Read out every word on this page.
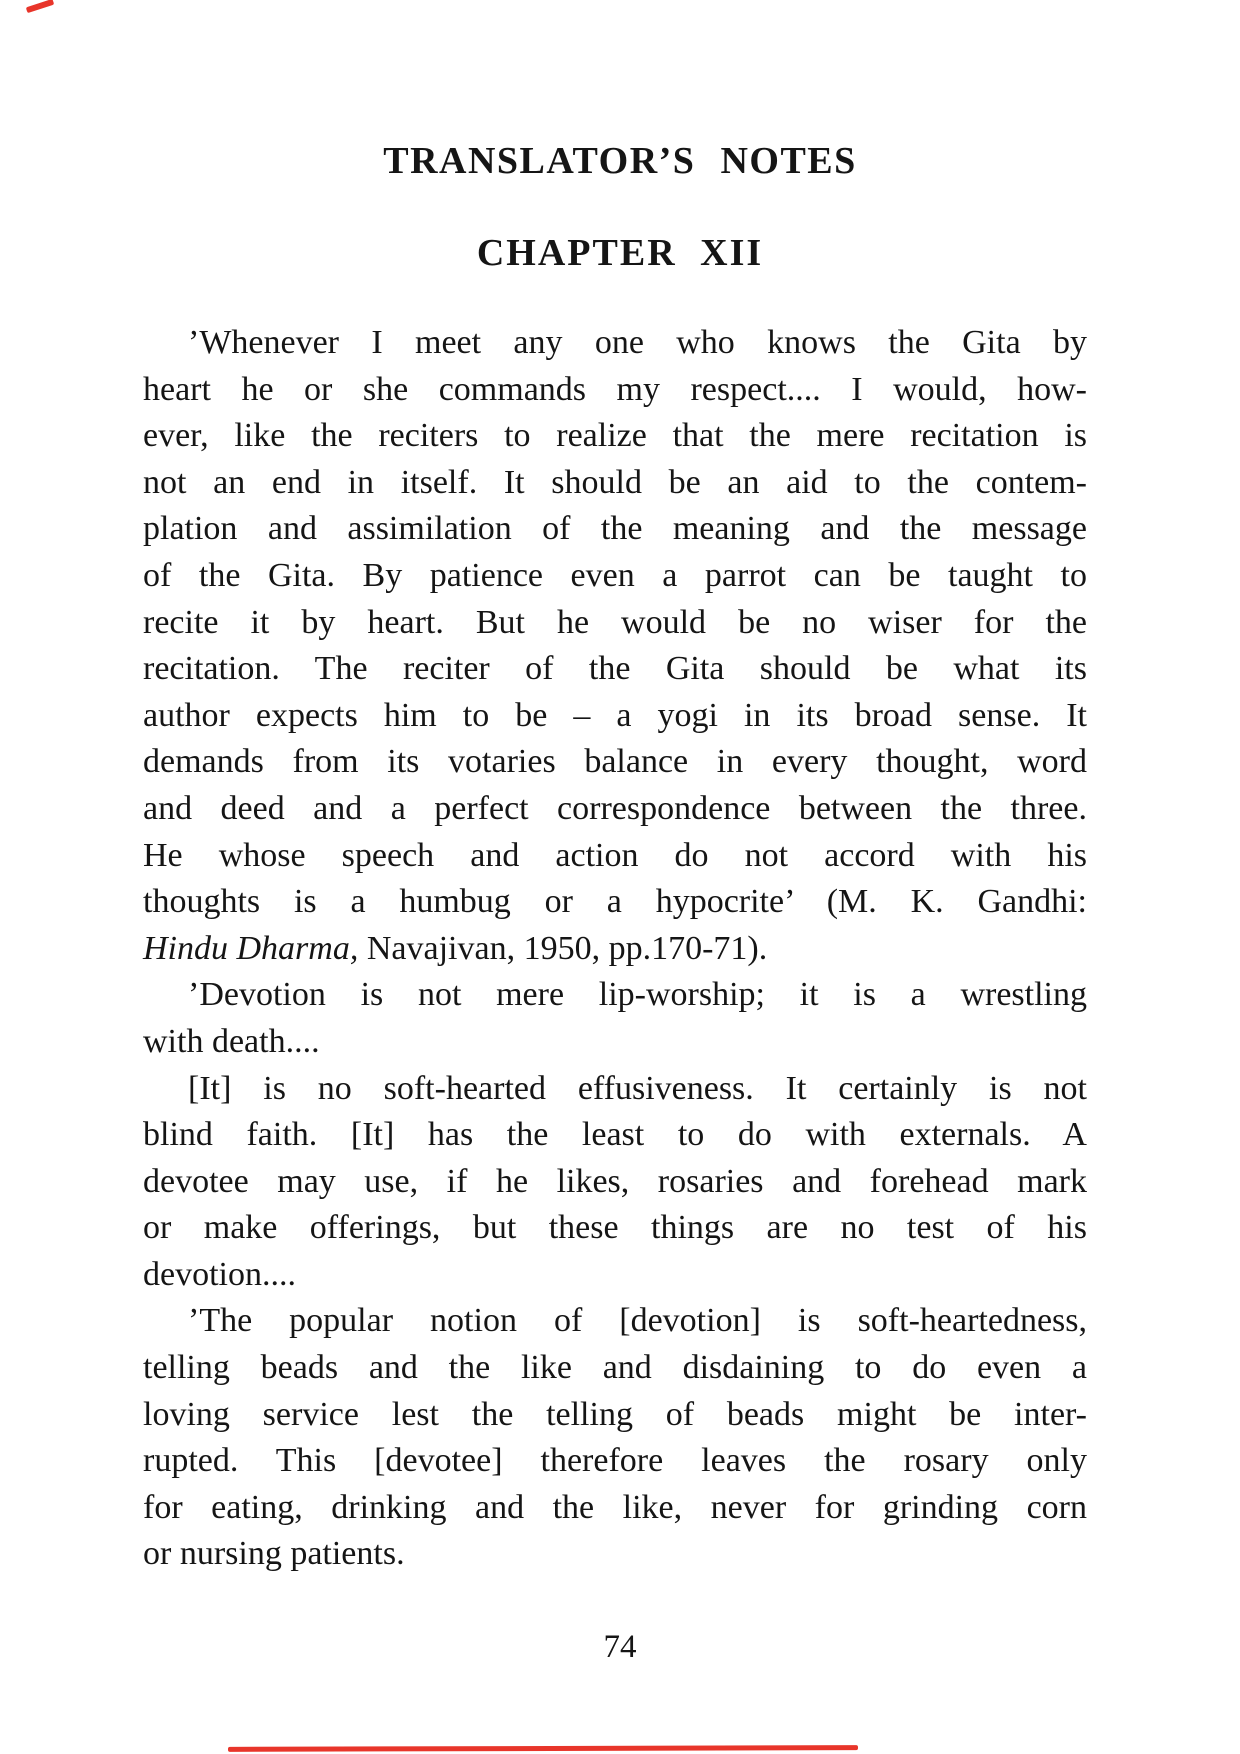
TRANSLATOR’S NOTES
CHAPTER XII
’Whenever I meet any one who knows the Gita by
heart he or she commands my respect.... I would, how-
ever, like the reciters to realize that the mere recitation is
not an end in itself. It should be an aid to the contem-
plation and assimilation of the meaning and the message
of the Gita. By patience even a parrot can be taught to
recite it by heart. But he would be no wiser for the
recitation. The reciter of the Gita should be what its
author expects him to be – a yogi in its broad sense. It
demands from its votaries balance in every thought, word
and deed and a perfect correspondence between the three.
He whose speech and action do not accord with his
thoughts is a humbug or a hypocrite’ (M. K. Gandhi:
Hindu Dharma, Navajivan, 1950, pp.170-71).
’Devotion is not mere lip-worship; it is a wrestling
with death....
[It] is no soft-hearted effusiveness. It certainly is not
blind faith. [It] has the least to do with externals. A
devotee may use, if he likes, rosaries and forehead mark
or make offerings, but these things are no test of his
devotion....
’The popular notion of [devotion] is soft-heartedness,
telling beads and the like and disdaining to do even a
loving service lest the telling of beads might be inter-
rupted. This [devotee] therefore leaves the rosary only
for eating, drinking and the like, never for grinding corn
or nursing patients.
74
